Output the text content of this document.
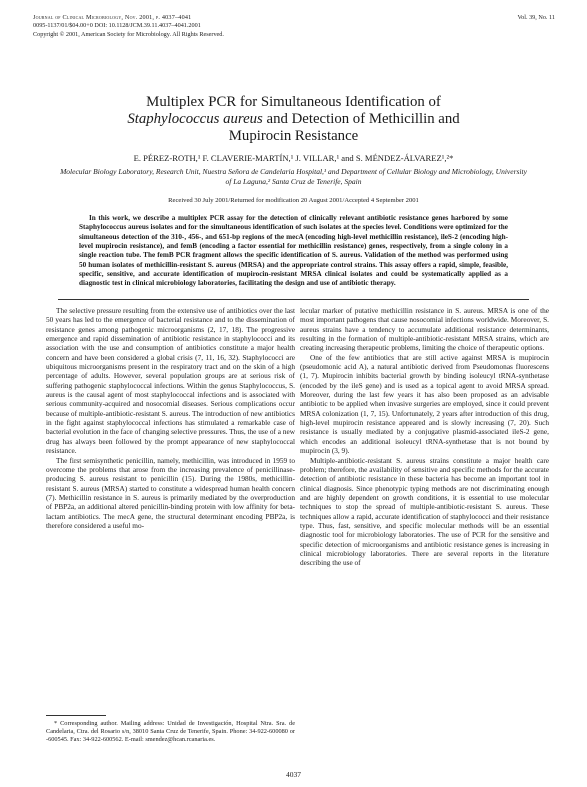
Journal of Clinical Microbiology, Nov. 2001, p. 4037–4041	Vol. 39, No. 11
0095-1137/01/$04.00+0 DOI: 10.1128/JCM.39.11.4037–4041.2001
Copyright © 2001, American Society for Microbiology. All Rights Reserved.
Multiplex PCR for Simultaneous Identification of
Staphylococcus aureus and Detection of Methicillin and
Mupirocin Resistance
E. PÉREZ-ROTH,¹ F. CLAVERIE-MARTÍN,¹ J. VILLAR,¹ and S. MÉNDEZ-ÁLVAREZ¹,²*
Molecular Biology Laboratory, Research Unit, Nuestra Señora de Candelaria Hospital,¹ and Department of Cellular Biology and Microbiology, University of La Laguna,² Santa Cruz de Tenerife, Spain
Received 30 July 2001/Returned for modification 20 August 2001/Accepted 4 September 2001
In this work, we describe a multiplex PCR assay for the detection of clinically relevant antibiotic resistance genes harbored by some Staphylococcus aureus isolates and for the simultaneous identification of such isolates at the species level. Conditions were optimized for the simultaneous detection of the 310-, 456-, and 651-bp regions of the mecA (encoding high-level methicillin resistance), ileS-2 (encoding high-level mupirocin resistance), and femB (encoding a factor essential for methicillin resistance) genes, respectively, from a single colony in a single reaction tube. The femB PCR fragment allows the specific identification of S. aureus. Validation of the method was performed using 50 human isolates of methicillin-resistant S. aureus (MRSA) and the appropriate control strains. This assay offers a rapid, simple, feasible, specific, sensitive, and accurate identification of mupirocin-resistant MRSA clinical isolates and could be systematically applied as a diagnostic test in clinical microbiology laboratories, facilitating the design and use of antibiotic therapy.

The selective pressure resulting from the extensive use of antibiotics over the last 50 years has led to the emergence of bacterial resistance and to the dissemination of resistance genes among pathogenic microorganisms (2, 17, 18). The progressive emergence and rapid dissemination of antibiotic resistance in staphylococci and its association with the use and consumption of antibiotics constitute a major health concern and have been considered a global crisis (7, 11, 16, 32). Staphylococci are ubiquitous microorganisms present in the respiratory tract and on the skin of a high percentage of adults. However, several population groups are at serious risk of suffering pathogenic staphylococcal infections. Within the genus Staphylococcus, S. aureus is the causal agent of most staphylococcal infections and is associated with serious community-acquired and nosocomial diseases. Serious complications occur because of multiple-antibiotic-resistant S. aureus. The introduction of new antibiotics in the fight against staphylococcal infections has stimulated a remarkable case of bacterial evolution in the face of changing selective pressures. Thus, the use of a new drug has always been followed by the prompt appearance of new staphylococcal resistance.

The first semisynthetic penicillin, namely, methicillin, was introduced in 1959 to overcome the problems that arose from the increasing prevalence of penicillinase-producing S. aureus resistant to penicillin (15). During the 1980s, methicillin-resistant S. aureus (MRSA) started to constitute a widespread human health concern (7). Methicillin resistance in S. aureus is primarily mediated by the overproduction of PBP2a, an additional altered penicillin-binding protein with low affinity for beta-lactam antibiotics. The mecA gene, the structural determinant encoding PBP2a, is therefore considered a useful mo-

lecular marker of putative methicillin resistance in S. aureus. MRSA is one of the most important pathogens that cause nosocomial infections worldwide. Moreover, S. aureus strains have a tendency to accumulate additional resistance determinants, resulting in the formation of multiple-antibiotic-resistant MRSA strains, which are creating increasing therapeutic problems, limiting the choice of therapeutic options.

One of the few antibiotics that are still active against MRSA is mupirocin (pseudomonic acid A), a natural antibiotic derived from Pseudomonas fluorescens (1, 7). Mupirocin inhibits bacterial growth by binding isoleucyl tRNA-synthetase (encoded by the ileS gene) and is used as a topical agent to avoid MRSA spread. Moreover, during the last few years it has also been proposed as an advisable antibiotic to be applied when invasive surgeries are employed, since it could prevent MRSA colonization (1, 7, 15). Unfortunately, 2 years after introduction of this drug, high-level mupirocin resistance appeared and is slowly increasing (7, 20). Such resistance is usually mediated by a conjugative plasmid-associated ileS-2 gene, which encodes an additional isoleucyl tRNA-synthetase that is not bound by mupirocin (3, 9).

Multiple-antibiotic-resistant S. aureus strains constitute a major health care problem; therefore, the availability of sensitive and specific methods for the accurate detection of antibiotic resistance in these bacteria has become an important tool in clinical diagnosis. Since phenotypic typing methods are not discriminating enough and are highly dependent on growth conditions, it is essential to use molecular techniques to stop the spread of multiple-antibiotic-resistant S. aureus. These techniques allow a rapid, accurate identification of staphylococci and their resistance type. Thus, fast, sensitive, and specific molecular methods will be an essential diagnostic tool for microbiology laboratories. The use of PCR for the sensitive and specific detection of microorganisms and antibiotic resistance genes is increasing in clinical microbiology laboratories. There are several reports in the literature describing the use of

* Corresponding author. Mailing address: Unidad de Investigación, Hospital Ntra. Sra. de Candelaria, Ctra. del Rosario s/n, 38010 Santa Cruz de Tenerife, Spain. Phone: 34-922-600080 or -600545. Fax: 34-922-600562. E-mail: smendez@hcan.rcanaria.es.
4037
